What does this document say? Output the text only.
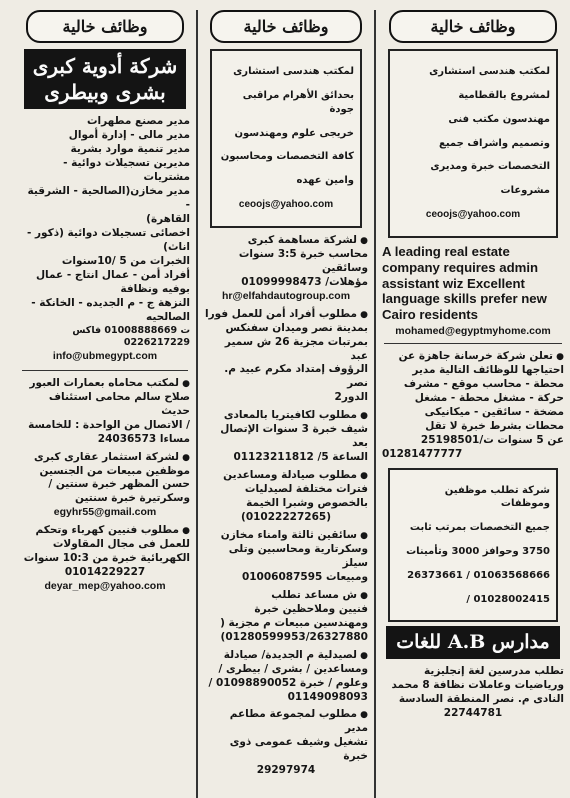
وظائف خالية

لمكتب هندسى استشارى

لمشروع بالقطامية

مهندسون مكتب فنى

وتصميم واشراف جميع

التخصصات خبرة ومديرى

مشروعات

ceoojs@yahoo.com

A leading real estate company requires admin assistant wiz Excellent language skills prefer new Cairo residents
mohamed@egyptmyhome.com

● تعلن شركة خرسانة جاهزة عن

احتياجها للوظائف التالية مدير

محطة - محاسب موقع - مشرف

حركة - مشغل محطة - مشغل

مضخة - سائقين - ميكانيكى

محطات بشرط خبرة لا تقل

عن 5 سنوات ت/25198501

01281477777

شركة تطلب موظفين وموظفات

جميع التخصصات بمرتب ثابت

3750 وحوافز 3000 وتأمينات

01063568666 / 26373661

01028002415 /

مدارس A.B للغات

تطلب مدرسين لغة إنجليزية

ورياضيات وعاملات نظافة 8 محمد

النادى م. نصر المنطقة السادسة

22744781

وظائف خالية

لمكتب هندسى استشارى

بحدائق الأهرام مراقبى جودة

خريجى علوم ومهندسون

كافة التخصصات ومحاسبون

وامين عهده

ceoojs@yahoo.com

● لشركة مساهمة كبرى

محاسب خبرة 3:5 سنوات وسائقين

مؤهلات/ 01099998473

hr@elfahdautogroup.com

● مطلوب أفراد أمن للعمل فورا

بمدينة نصر وميدان سفنكس

بمرتبات مجزية 26 ش سمير عبد

الرؤوف إمتداد مكرم عبيد م. نصر

الدور2

● مطلوب لكافيتريا بالمعادى

شيف خبرة 3 سنوات الإتصال بعد

الساعة 5/ 01123211812

● مطلوب صيادلة ومساعدين

فترات مختلفة لصيدليات

بالخصوص وشبرا الخيمة

(01022227265)

● سائقين ثالثة وامناء مخازن

وسكرتارية ومحاسبين وتلى سيلز

ومبيعات 01006087595

● ش مساعد تطلب

فنيين وملاحظين خبرة

ومهندسين مبيعات م مجزية (

01280599953/26327880)

● لصيدلية م الجديدة/ صيادلة

ومساعدين / بشرى / بيطرى /

وعلوم / خبرة 01098890052 /

01149098093

● مطلوب لمجموعة مطاعم مدير

تشغيل وشيف عمومى ذوى خبرة

29297974

وظائف خالية
شركة أدوية كبرى بشرى وبيطرى

مدير مصنع مطهرات

مدير مالى - إدارة أموال

مدير تنمية موارد بشرية

مديرين تسجيلات دوائية -

مشتريات

مدير مخازن(الصالحية - الشرقية -

القاهرة)

اخصائى تسجيلات دوائية (ذكور -

اناث)

الخبرات من 5 /10سنوات

أفراد أمن - عمال انتاج - عمال

بوفيه ونظافة

النزهة ج - م الجديده - الخانكة -

الصالحيه

ت 01008888669 فاكس 0226217229

info@ubmegypt.com

● لمكتب محاماه بعمارات العبور

صلاح سالم محامى استئناف حديث

/ الاتصال من الواحدة : للخامسة

مساءا 24036573

● لشركة استثمار عقارى كبرى

موظفين مبيعات من الجنسين

حسن المظهر خبرة سنتين /

وسكرتيرة خبرة سنتين

egyhr55@gmail.com

● مطلوب فنيين كهرباء وتحكم

للعمل فى مجال المقاولات

الكهربائية خبرة من 10:3 سنوات

01014229227

deyar_mep@yahoo.com
